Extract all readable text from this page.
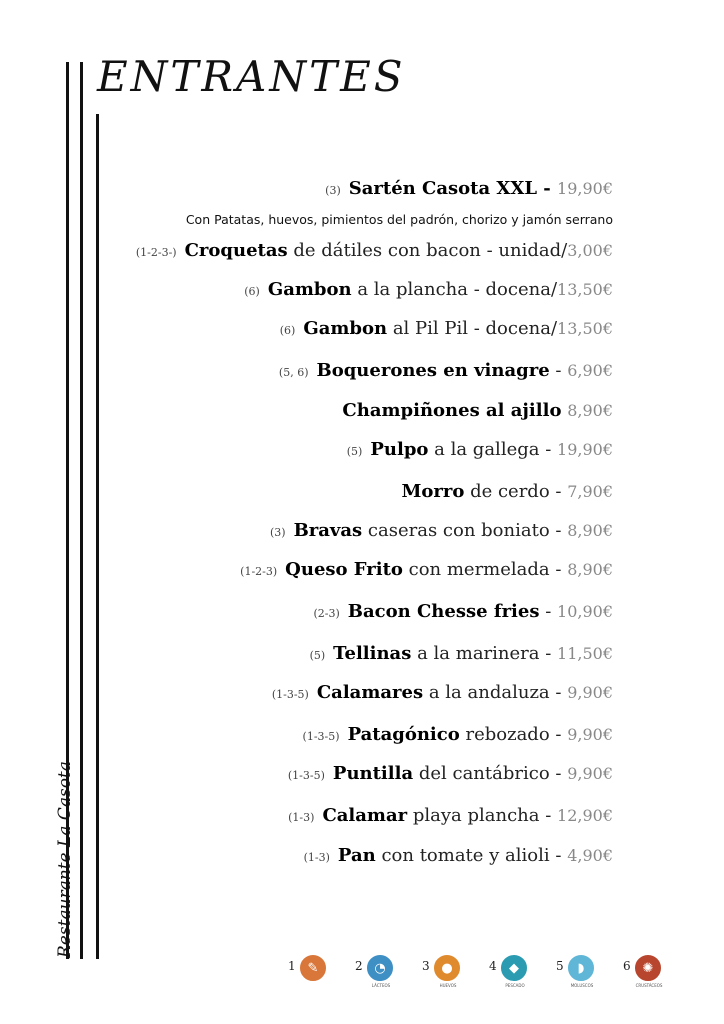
ENTRANTES
Restaurante La Casota
(3) Sartén Casota XXL - 19,90€
Con Patatas, huevos, pimientos del padrón, chorizo y jamón serrano
(1-2-3-) Croquetas de dátiles con bacon - unidad/3,00€
(6) Gambon a la plancha - docena/13,50€
(6) Gambon al Pil Pil - docena/13,50€
(5, 6) Boquerones en vinagre - 6,90€
Champiñones al ajillo 8,90€
(5) Pulpo a la gallega - 19,90€
Morro de cerdo - 7,90€
(3) Bravas caseras con boniato - 8,90€
(1-2-3) Queso Frito con mermelada - 8,90€
(2-3) Bacon Chesse fries - 10,90€
(5) Tellinas a la marinera - 11,50€
(1-3-5) Calamares a la andaluza - 9,90€
(1-3-5) Patagónico rebozado - 9,90€
(1-3-5) Puntilla del cantábrico - 9,90€
(1-3) Calamar playa plancha - 12,90€
(1-3) Pan con tomate y alioli - 4,90€
1 ✎	2 ◔
LÁCTEOS
3 ●
HUEVOS
4 ◆
PESCADO
5	◗
MOLUSCOS
6 ✺
CRUSTÁCEOS
